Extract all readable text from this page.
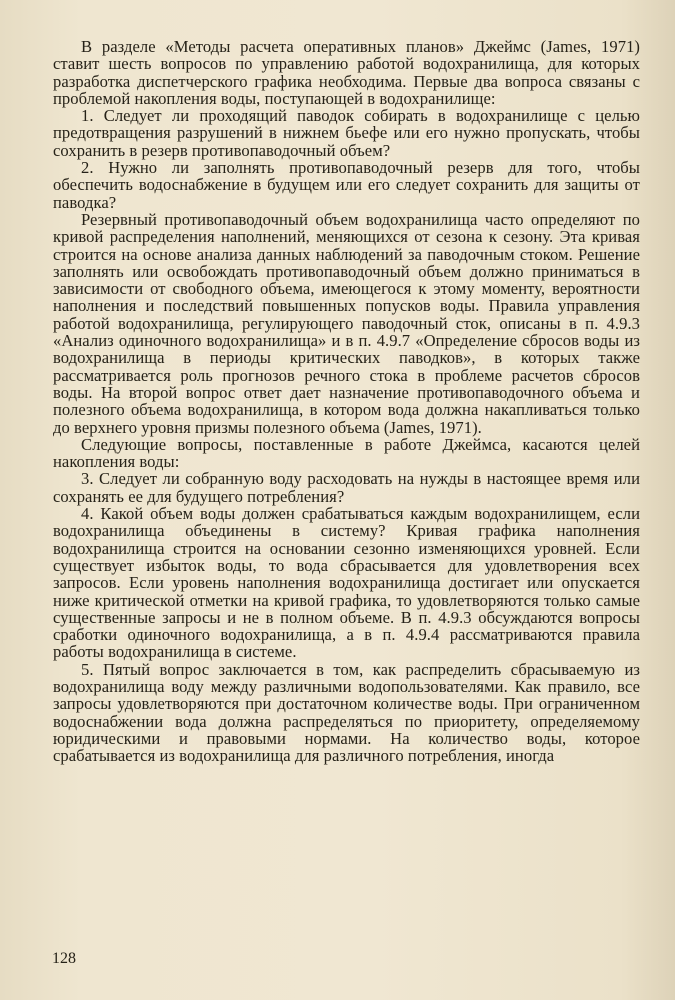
В разделе «Методы расчета оперативных планов» Джеймс (James, 1971) ставит шесть вопросов по управлению работой водохранилища, для которых разработка диспетчерского графика необходима. Первые два вопроса связаны с проблемой накопления воды, поступающей в водохранилище:

1. Следует ли проходящий паводок собирать в водохранилище с целью предотвращения разрушений в нижнем бьефе или его нужно пропускать, чтобы сохранить в резерв противопаводочный объем?

2. Нужно ли заполнять противопаводочный резерв для того, чтобы обеспечить водоснабжение в будущем или его следует сохранить для защиты от паводка?

Резервный противопаводочный объем водохранилища часто определяют по кривой распределения наполнений, меняющихся от сезона к сезону. Эта кривая строится на основе анализа данных наблюдений за паводочным стоком. Решение заполнять или освобождать противопаводочный объем должно приниматься в зависимости от свободного объема, имеющегося к этому моменту, вероятности наполнения и последствий повышенных попусков воды. Правила управления работой водохранилища, регулирующего паводочный сток, описаны в п. 4.9.3 «Анализ одиночного водохранилища» и в п. 4.9.7 «Определение сбросов воды из водохранилища в периоды критических паводков», в которых также рассматривается роль прогнозов речного стока в проблеме расчетов сбросов воды. На второй вопрос ответ дает назначение противопаводочного объема и полезного объема водохранилища, в котором вода должна накапливаться только до верхнего уровня призмы полезного объема (James, 1971).

Следующие вопросы, поставленные в работе Джеймса, касаются целей накопления воды:

3. Следует ли собранную воду расходовать на нужды в настоящее время или сохранять ее для будущего потребления?

4. Какой объем воды должен срабатываться каждым водохранилищем, если водохранилища объединены в систему? Кривая графика наполнения водохранилища строится на основании сезонно изменяющихся уровней. Если существует избыток воды, то вода сбрасывается для удовлетворения всех запросов. Если уровень наполнения водохранилища достигает или опускается ниже критической отметки на кривой графика, то удовлетворяются только самые существенные запросы и не в полном объеме. В п. 4.9.3 обсуждаются вопросы сработки одиночного водохранилища, а в п. 4.9.4 рассматриваются правила работы водохранилища в системе.

5. Пятый вопрос заключается в том, как распределить сбрасываемую из водохранилища воду между различными водопользователями. Как правило, все запросы удовлетворяются при достаточном количестве воды. При ограниченном водоснабжении вода должна распределяться по приоритету, определяемому юридическими и правовыми нормами. На количество воды, которое срабатывается из водохранилища для различного потребления, иногда

128
